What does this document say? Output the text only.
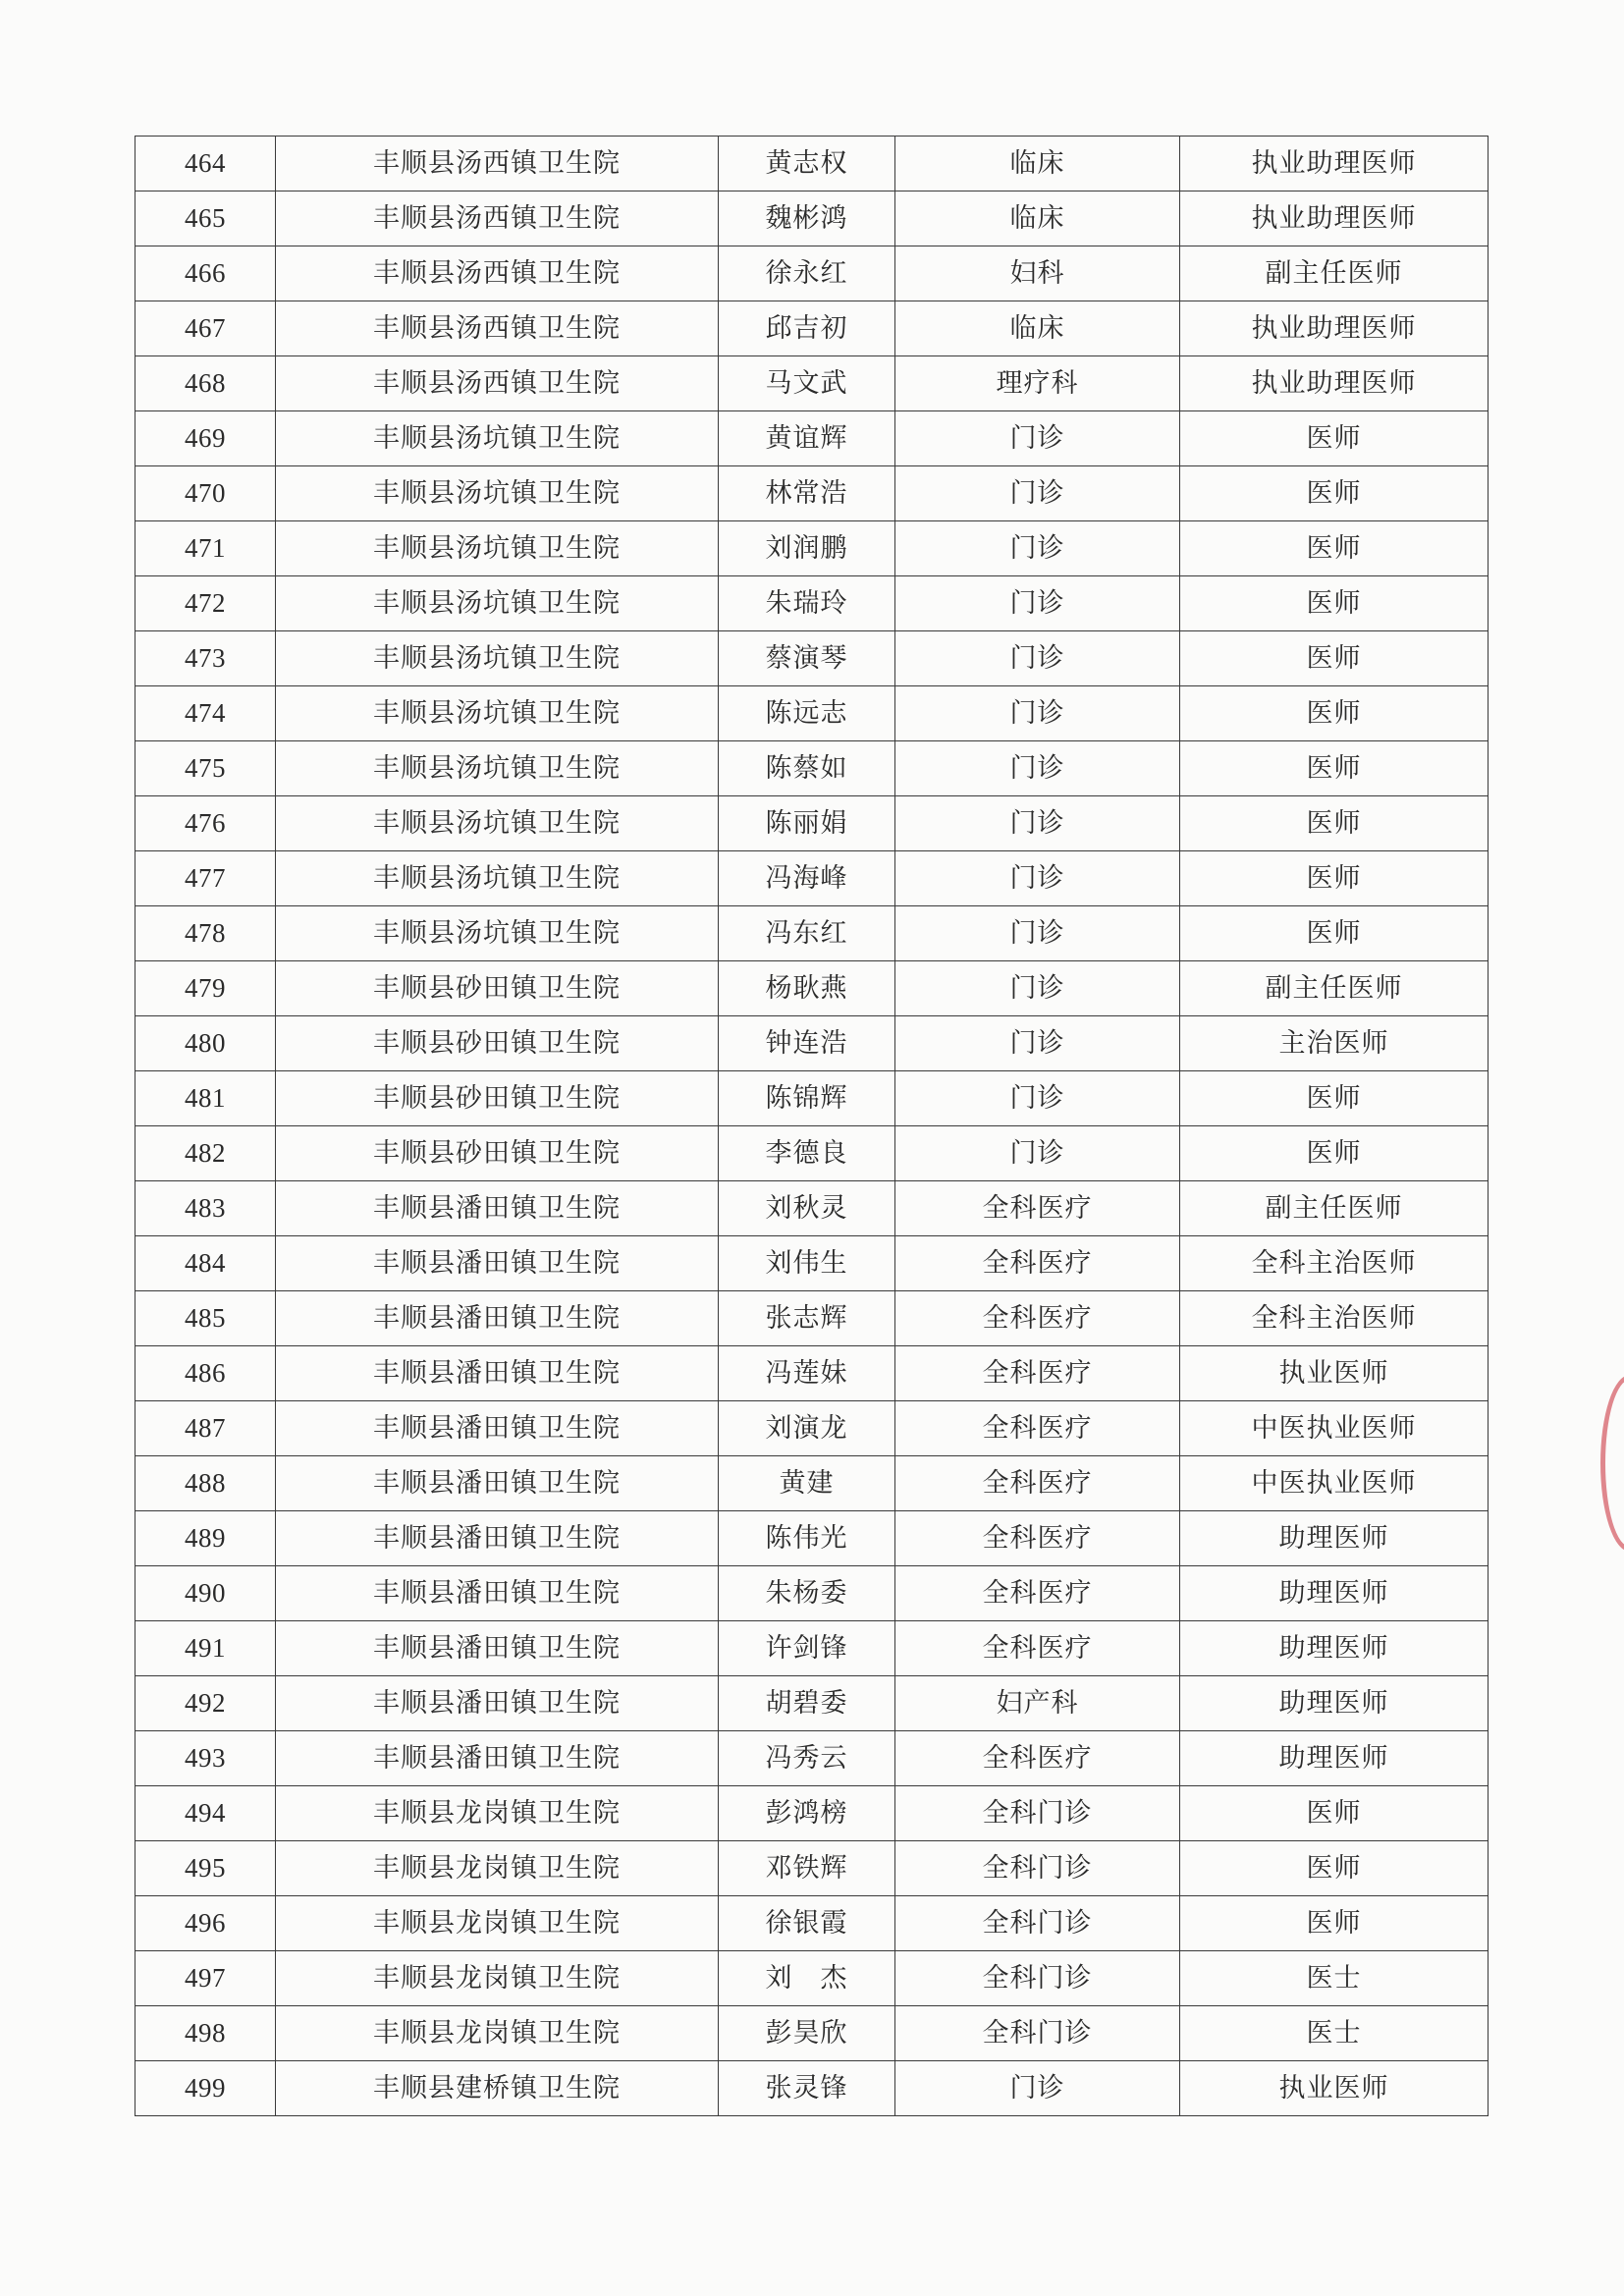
464	丰顺县汤西镇卫生院	黄志权	临床	执业助理医师
465	丰顺县汤西镇卫生院	魏彬鸿	临床	执业助理医师
466	丰顺县汤西镇卫生院	徐永红	妇科	副主任医师
467	丰顺县汤西镇卫生院	邱吉初	临床	执业助理医师
468	丰顺县汤西镇卫生院	马文武	理疗科	执业助理医师
469	丰顺县汤坑镇卫生院	黄谊辉	门诊	医师
470	丰顺县汤坑镇卫生院	林常浩	门诊	医师
471	丰顺县汤坑镇卫生院	刘润鹏	门诊	医师
472	丰顺县汤坑镇卫生院	朱瑞玲	门诊	医师
473	丰顺县汤坑镇卫生院	蔡演琴	门诊	医师
474	丰顺县汤坑镇卫生院	陈远志	门诊	医师
475	丰顺县汤坑镇卫生院	陈蔡如	门诊	医师
476	丰顺县汤坑镇卫生院	陈丽娟	门诊	医师
477	丰顺县汤坑镇卫生院	冯海峰	门诊	医师
478	丰顺县汤坑镇卫生院	冯东红	门诊	医师
479	丰顺县砂田镇卫生院	杨耿燕	门诊	副主任医师
480	丰顺县砂田镇卫生院	钟连浩	门诊	主治医师
481	丰顺县砂田镇卫生院	陈锦辉	门诊	医师
482	丰顺县砂田镇卫生院	李德良	门诊	医师
483	丰顺县潘田镇卫生院	刘秋灵	全科医疗	副主任医师
484	丰顺县潘田镇卫生院	刘伟生	全科医疗	全科主治医师
485	丰顺县潘田镇卫生院	张志辉	全科医疗	全科主治医师
486	丰顺县潘田镇卫生院	冯莲妹	全科医疗	执业医师
487	丰顺县潘田镇卫生院	刘演龙	全科医疗	中医执业医师
488	丰顺县潘田镇卫生院	黄建	全科医疗	中医执业医师
489	丰顺县潘田镇卫生院	陈伟光	全科医疗	助理医师
490	丰顺县潘田镇卫生院	朱杨委	全科医疗	助理医师
491	丰顺县潘田镇卫生院	许剑锋	全科医疗	助理医师
492	丰顺县潘田镇卫生院	胡碧委	妇产科	助理医师
493	丰顺县潘田镇卫生院	冯秀云	全科医疗	助理医师
494	丰顺县龙岗镇卫生院	彭鸿榜	全科门诊	医师
495	丰顺县龙岗镇卫生院	邓铁辉	全科门诊	医师
496	丰顺县龙岗镇卫生院	徐银霞	全科门诊	医师
497	丰顺县龙岗镇卫生院	刘　杰	全科门诊	医士
498	丰顺县龙岗镇卫生院	彭昊欣	全科门诊	医士
499	丰顺县建桥镇卫生院	张灵锋	门诊	执业医师
